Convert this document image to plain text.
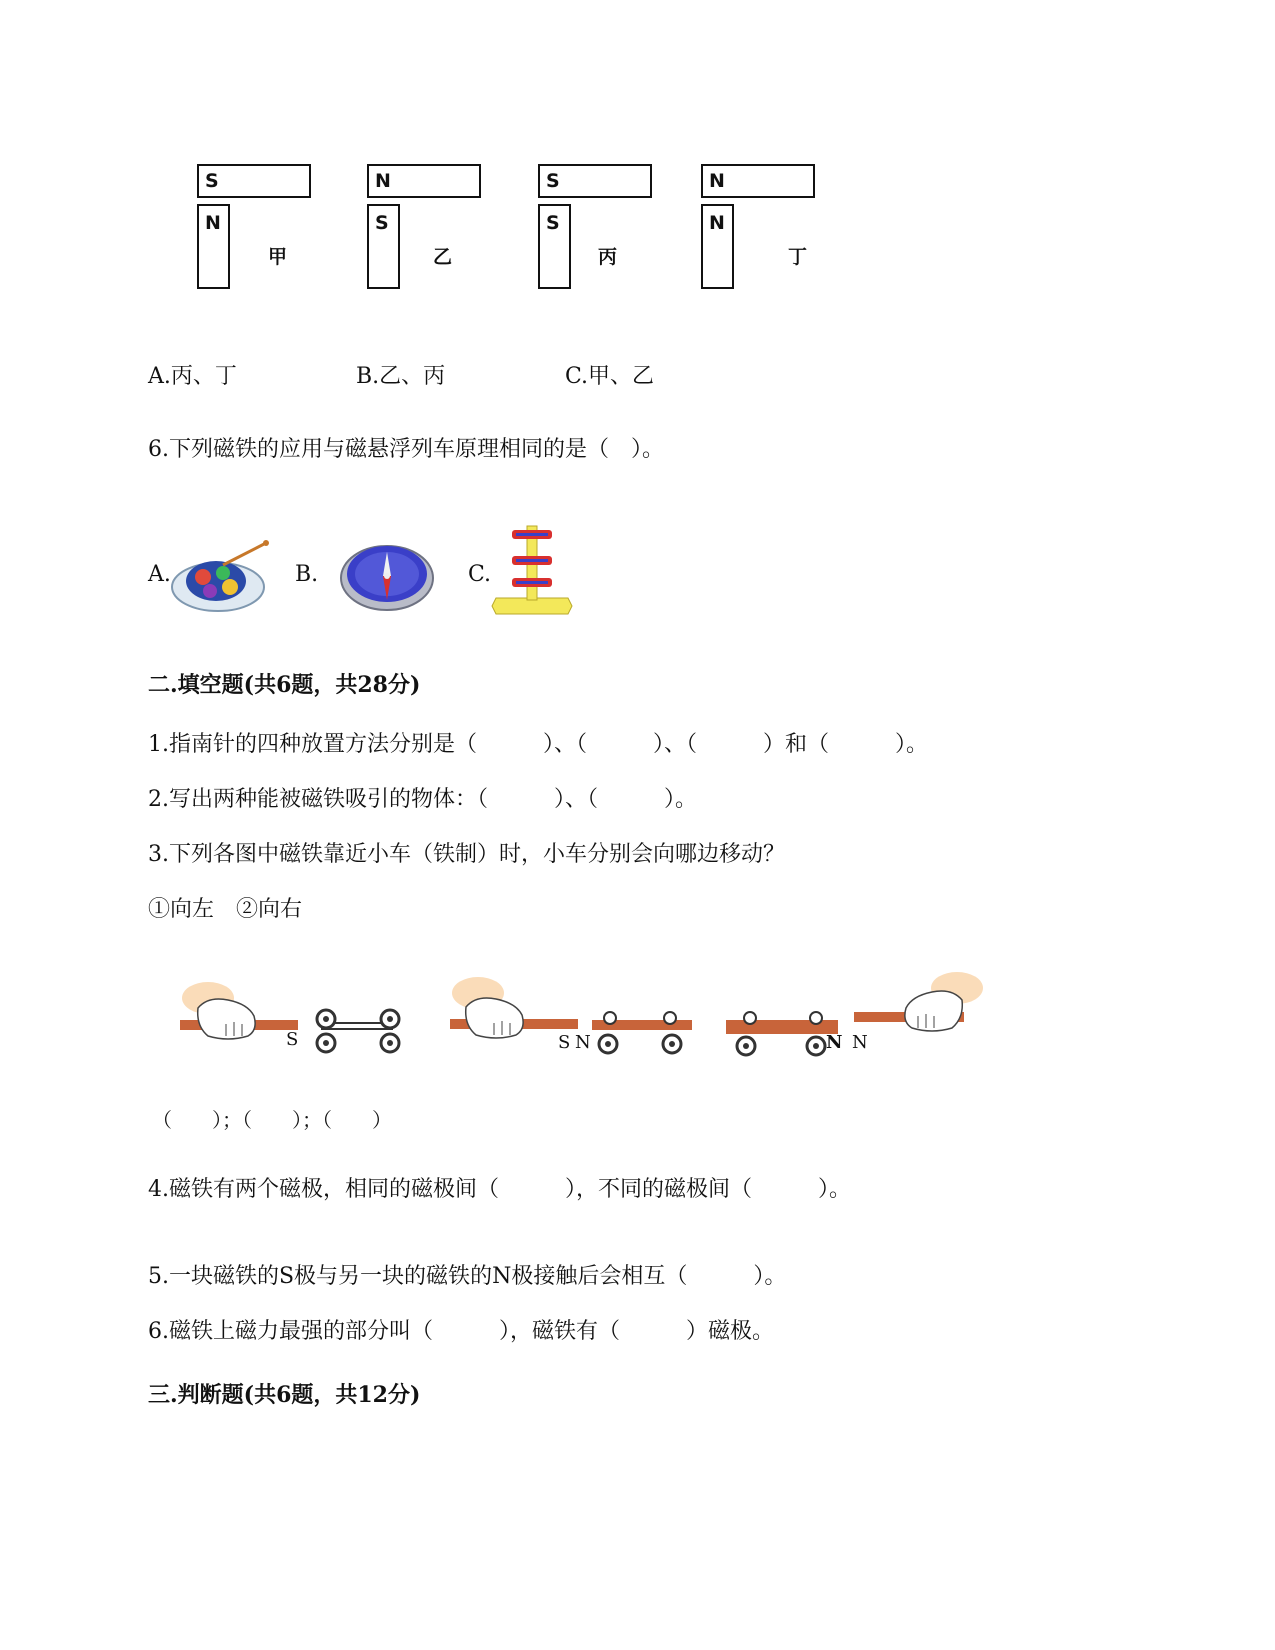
S
N
甲
N
S
乙
S
S
丙
N
N
丁
A.丙、丁	B.乙、丙	C.甲、乙
6.下列磁铁的应用与磁悬浮列车原理相同的是（　）。
A.	B.	C.
二.填空题(共6题，共28分)
1.指南针的四种放置方法分别是（　　　）、（　　　）、（　　　）和（　　　）。
2.写出两种能被磁铁吸引的物体：（　　　）、（　　　）。
3.下列各图中磁铁靠近小车（铁制）时，小车分别会向哪边移动？
①向左　②向右
S	S N	N N
（　　）；（　　）；（　　）
4.磁铁有两个磁极，相同的磁极间（　　　），不同的磁极间（　　　）。
5.一块磁铁的S极与另一块的磁铁的N极接触后会相互（　　　）。
6.磁铁上磁力最强的部分叫（　　　），磁铁有（　　　）磁极。
三.判断题(共6题，共12分)
